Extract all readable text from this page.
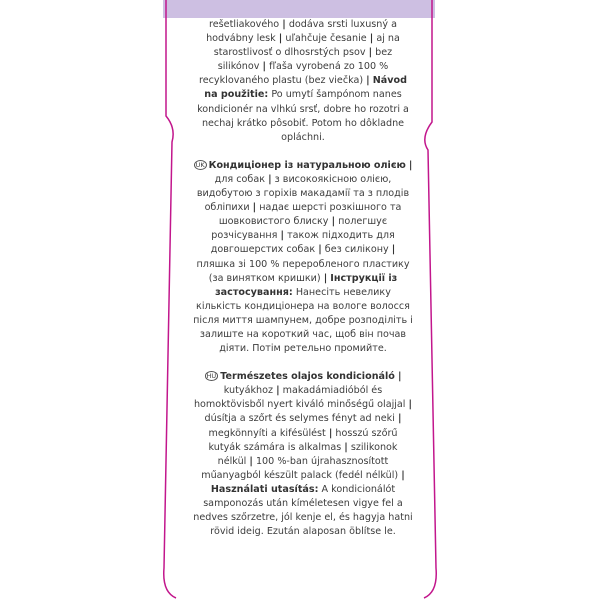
rešetliakového | dodáva srsti luxusný a hodvábny lesk | uľahčuje česanie | aj na starostlivosť o dlhosrstých psov | bez silikónov | fľaša vyrobená zo 100 % recyklovaného plastu (bez viečka) | Návod na použitie: Po umytí šampónom nanes kondicionér na vlhkú srsť, dobre ho rozotri a nechaj krátko pôsobiť. Potom ho dôkladne opláchni.

UK Кондиціонер із натуральною олією | для собак | з високоякісною олією, видобутою з горіхів макадамії та з плодів обліпихи | надає шерсті розкішного та шовковистого блиску | полегшує розчісування | також підходить для довгошерстих собак | без силікону | пляшка зі 100 % переробленого пластику (за винятком кришки) | Інструкції із застосування: Нанесіть невелику кількість кондиціонера на вологе волосся після миття шампунем, добре розподіліть і залиште на короткий час, щоб він почав діяти. Потім ретельно промийте.

HU Természetes olajos kondicionáló | kutyákhoz | makadámiadióból és homoktövisből nyert kiváló minőségű olajjal | dúsítja a szőrt és selymes fényt ad neki | megkönnyíti a kifésülést | hosszú szőrű kutyák számára is alkalmas | szilikonok nélkül | 100 %-ban újrahasznosított műanyagból készült palack (fedél nélkül) | Használati utasítás: A kondicionálót samponozás után kíméletesen vigye fel a nedves szőrzetre, jól kenje el, és hagyja hatni rövid ideig. Ezután alaposan öblítse le.
